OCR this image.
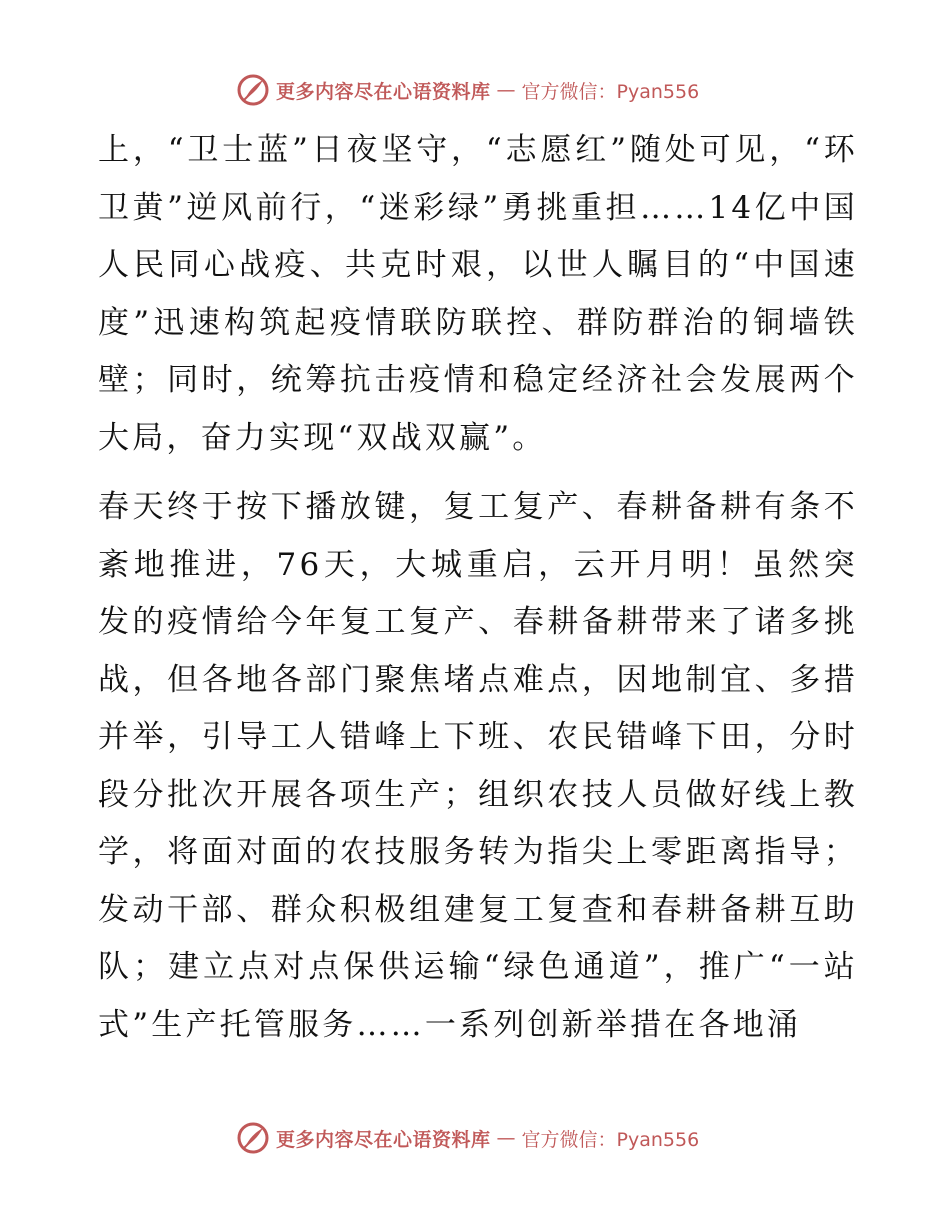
更多内容尽在心语资料库 — 官方微信：Pyan556

上，“卫士蓝”日夜坚守，“志愿红”随处可见，“环卫黄”逆风前行，“迷彩绿”勇挑重担……14亿中国人民同心战疫、共克时艰，以世人瞩目的“中国速度”迅速构筑起疫情联防联控、群防群治的铜墙铁壁；同时，统筹抗击疫情和稳定经济社会发展两个大局，奋力实现“双战双赢”。

春天终于按下播放键，复工复产、春耕备耕有条不紊地推进，76天，大城重启，云开月明！虽然突发的疫情给今年复工复产、春耕备耕带来了诸多挑战，但各地各部门聚焦堵点难点，因地制宜、多措并举，引导工人错峰上下班、农民错峰下田，分时段分批次开展各项生产；组织农技人员做好线上教学，将面对面的农技服务转为指尖上零距离指导；发动干部、群众积极组建复工复查和春耕备耕互助队；建立点对点保供运输“绿色通道”，推广“一站式”生产托管服务……一系列创新举措在各地涌

更多内容尽在心语资料库 — 官方微信：Pyan556
